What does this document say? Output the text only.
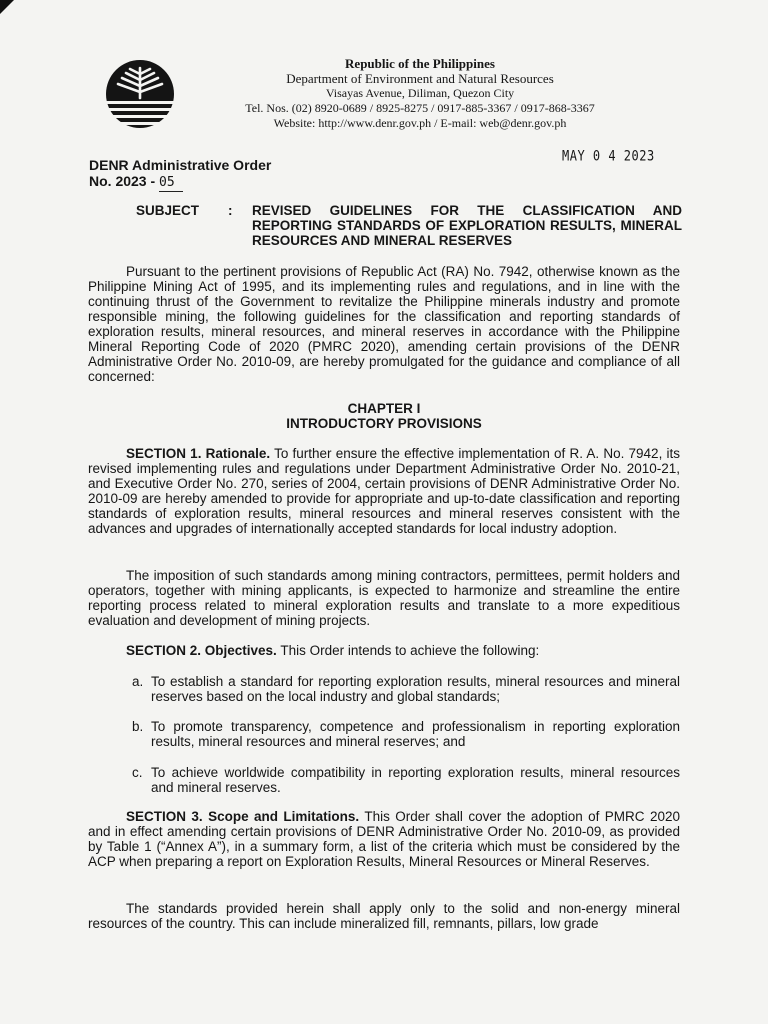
Republic of the Philippines
Department of Environment and Natural Resources
Visayas Avenue, Diliman, Quezon City
Tel. Nos. (02) 8920-0689 / 8925-8275 / 0917-885-3367 / 0917-868-3367
Website: http://www.denr.gov.ph / E-mail: web@denr.gov.ph
MAY 0 4 2023
DENR Administrative Order
No. 2023 - 05
SUBJECT : REVISED GUIDELINES FOR THE CLASSIFICATION AND REPORTING STANDARDS OF EXPLORATION RESULTS, MINERAL RESOURCES AND MINERAL RESERVES
Pursuant to the pertinent provisions of Republic Act (RA) No. 7942, otherwise known as the Philippine Mining Act of 1995, and its implementing rules and regulations, and in line with the continuing thrust of the Government to revitalize the Philippine minerals industry and promote responsible mining, the following guidelines for the classification and reporting standards of exploration results, mineral resources, and mineral reserves in accordance with the Philippine Mineral Reporting Code of 2020 (PMRC 2020), amending certain provisions of the DENR Administrative Order No. 2010-09, are hereby promulgated for the guidance and compliance of all concerned:
CHAPTER I
INTRODUCTORY PROVISIONS
SECTION 1. Rationale. To further ensure the effective implementation of R. A. No. 7942, its revised implementing rules and regulations under Department Administrative Order No. 2010-21, and Executive Order No. 270, series of 2004, certain provisions of DENR Administrative Order No. 2010-09 are hereby amended to provide for appropriate and up-to-date classification and reporting standards of exploration results, mineral resources and mineral reserves consistent with the advances and upgrades of internationally accepted standards for local industry adoption.
The imposition of such standards among mining contractors, permittees, permit holders and operators, together with mining applicants, is expected to harmonize and streamline the entire reporting process related to mineral exploration results and translate to a more expeditious evaluation and development of mining projects.
SECTION 2. Objectives. This Order intends to achieve the following:
a. To establish a standard for reporting exploration results, mineral resources and mineral reserves based on the local industry and global standards;
b. To promote transparency, competence and professionalism in reporting exploration results, mineral resources and mineral reserves; and
c. To achieve worldwide compatibility in reporting exploration results, mineral resources and mineral reserves.
SECTION 3. Scope and Limitations. This Order shall cover the adoption of PMRC 2020 and in effect amending certain provisions of DENR Administrative Order No. 2010-09, as provided by Table 1 (“Annex A”), in a summary form, a list of the criteria which must be considered by the ACP when preparing a report on Exploration Results, Mineral Resources or Mineral Reserves.
The standards provided herein shall apply only to the solid and non-energy mineral resources of the country. This can include mineralized fill, remnants, pillars, low grade
